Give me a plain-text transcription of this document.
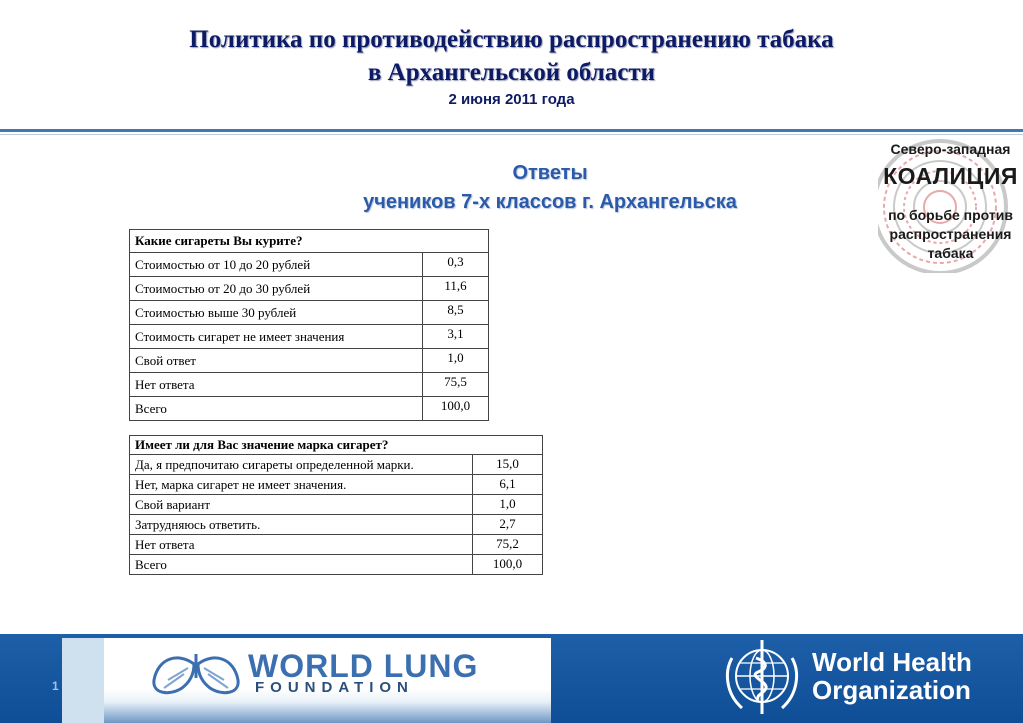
Политика по противодействию распространению табака
в Архангельской области
2 июня 2011 года
Ответы
учеников 7-х классов г. Архангельска
Какие сигареты Вы курите?	
Стоимостью от 10 до 20 рублей	0,3
Стоимостью от 20 до 30 рублей	11,6
Стоимостью выше 30 рублей	8,5
Стоимость сигарет не имеет значения	3,1
Свой ответ	1,0
Нет ответа	75,5
Всего	100,0
Имеет ли для Вас значение марка сигарет?	
Да, я предпочитаю сигареты определенной марки.	15,0
Нет, марка сигарет не имеет значения.	6,1
Свой вариант	1,0
Затрудняюсь ответить.	2,7
Нет ответа	75,2
Всего	100,0
Северо-западная
КОАЛИЦИЯ
по борьбе против
распространения
табака
1
WORLD LUNG
FOUNDATION
World Health
Organization
